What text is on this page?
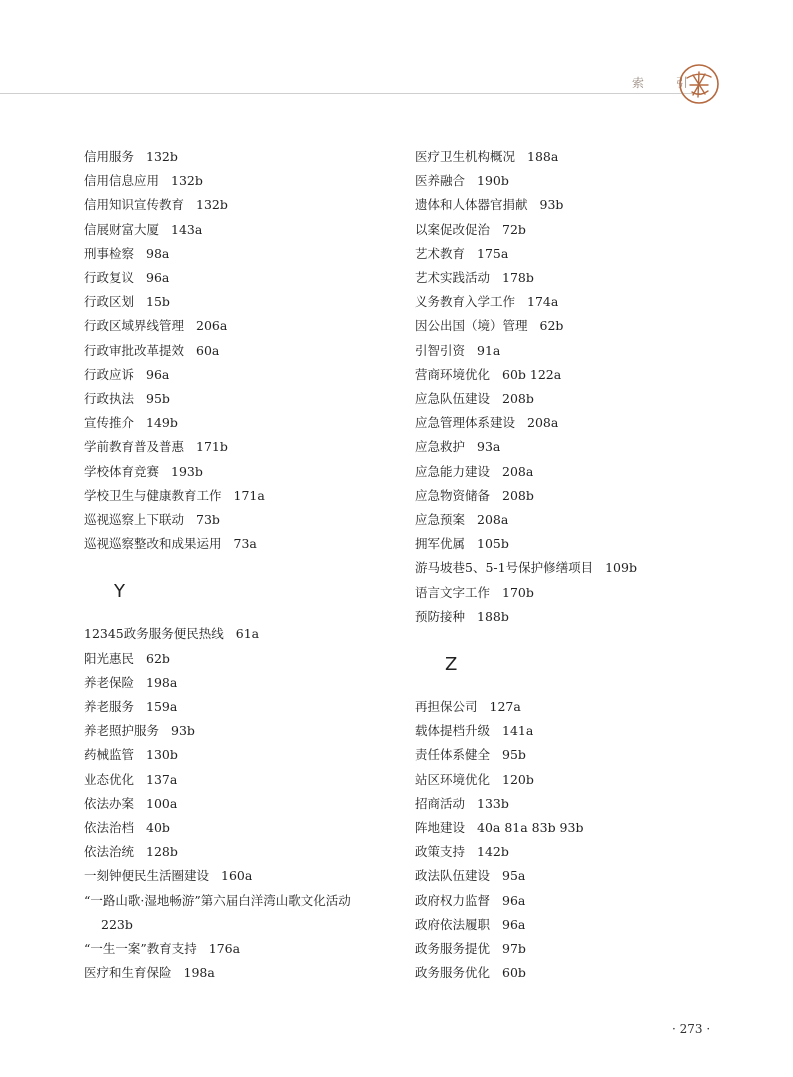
索 引
信用服务 132b
信用信息应用 132b
信用知识宣传教育 132b
信展财富大厦 143a
刑事检察 98a
行政复议 96a
行政区划 15b
行政区域界线管理 206a
行政审批改革提效 60a
行政应诉 96a
行政执法 95b
宣传推介 149b
学前教育普及普惠 171b
学校体育竞赛 193b
学校卫生与健康教育工作 171a
巡视巡察上下联动 73b
巡视巡察整改和成果运用 73a
Y
12345政务服务便民热线 61a
阳光惠民 62b
养老保险 198a
养老服务 159a
养老照护服务 93b
药械监管 130b
业态优化 137a
依法办案 100a
依法治档 40b
依法治统 128b
一刻钟便民生活圈建设 160a
“一路山歌·湿地畅游”第六届白洋湾山歌文化活动
223b
“一生一案”教育支持 176a
医疗和生育保险 198a
医疗卫生机构概况 188a
医养融合 190b
遗体和人体器官捐献 93b
以案促改促治 72b
艺术教育 175a
艺术实践活动 178b
义务教育入学工作 174a
因公出国（境）管理 62b
引智引资 91a
营商环境优化 60b 122a
应急队伍建设 208b
应急管理体系建设 208a
应急救护 93a
应急能力建设 208a
应急物资储备 208b
应急预案 208a
拥军优属 105b
游马坡巷5、5-1号保护修缮项目 109b
语言文字工作 170b
预防接种 188b
Z
再担保公司 127a
载体提档升级 141a
责任体系健全 95b
站区环境优化 120b
招商活动 133b
阵地建设 40a 81a 83b 93b
政策支持 142b
政法队伍建设 95a
政府权力监督 96a
政府依法履职 96a
政务服务提优 97b
政务服务优化 60b
· 273 ·
